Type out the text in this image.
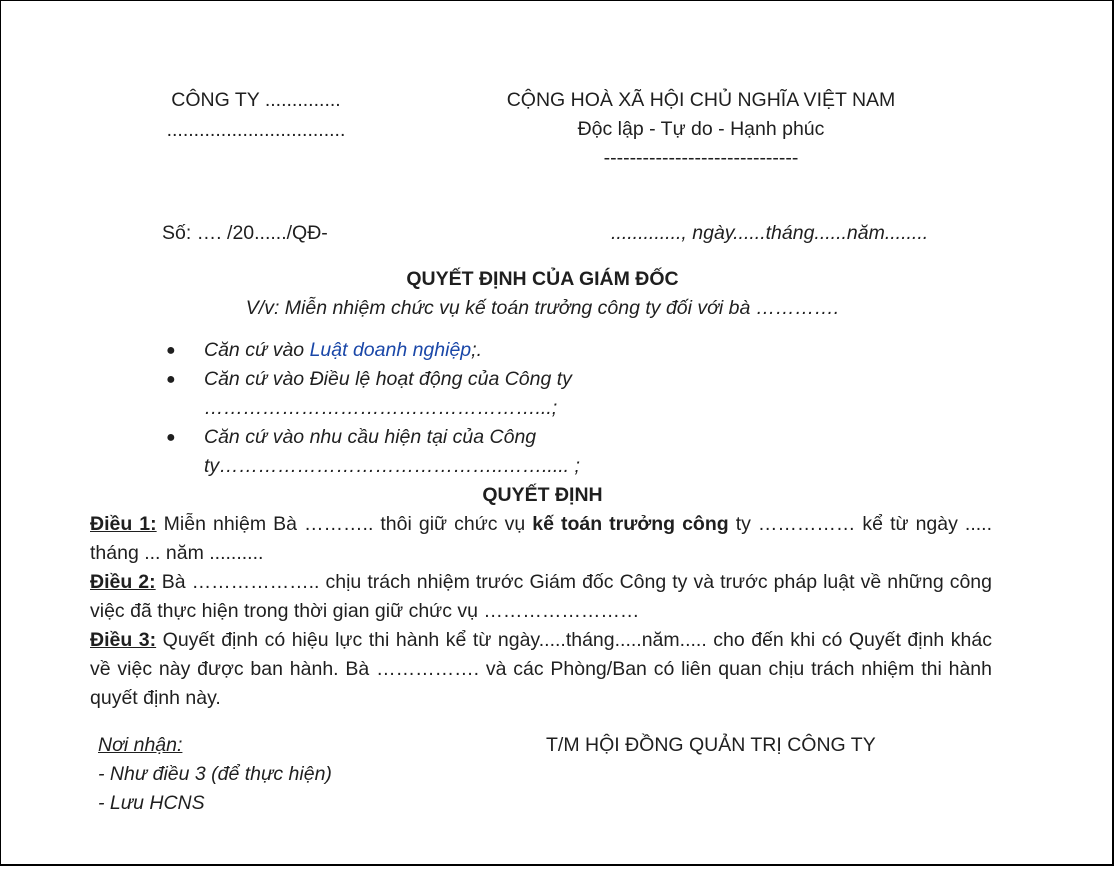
CÔNG TY ..............
.................................
CỘNG HOÀ XÃ HỘI CHỦ NGHĨA VIỆT NAM
Độc lập - Tự do - Hạnh phúc
------------------------------
Số: …. /20....../QĐ-	............., ngày......tháng......năm........
QUYẾT ĐỊNH CỦA GIÁM ĐỐC
V/v: Miễn nhiệm chức vụ kế toán trưởng công ty đối với bà ………….
● Căn cứ vào Luật doanh nghiệp;.
● Căn cứ vào Điều lệ hoạt động của Công ty
……………………………………………...;
● Căn cứ vào nhu cầu hiện tại của Công
ty……………………………………..……..... ;
QUYẾT ĐỊNH
Điều 1: Miễn nhiệm Bà ……….. thôi giữ chức vụ kế toán trưởng công ty …………… kể từ ngày ..... tháng ... năm ..........
Điều 2: Bà ……………….. chịu trách nhiệm trước Giám đốc Công ty và trước pháp luật về những công việc đã thực hiện trong thời gian giữ chức vụ ……………………
Điều 3: Quyết định có hiệu lực thi hành kể từ ngày.....tháng.....năm..... cho đến khi có Quyết định khác về việc này được ban hành. Bà ……………. và các Phòng/Ban có liên quan chịu trách nhiệm thi hành quyết định này.
Nơi nhận:
- Như điều 3 (để thực hiện)
- Lưu HCNS
T/M HỘI ĐỒNG QUẢN TRỊ CÔNG TY
